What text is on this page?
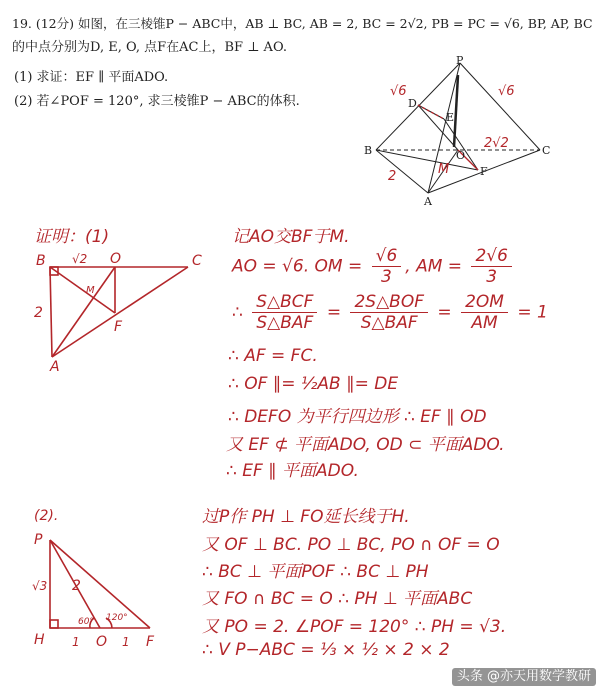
19. (12分) 如图，在三棱锥P − ABC中，AB ⊥ BC, AB = 2, BC = 2√2, PB = PC = √6, BP, AP, BC
的中点分别为D, E, O, 点F在AC上，BF ⊥ AO.
(1) 求证：EF ∥ 平面ADO.
(2) 若∠POF = 120°, 求三棱锥P − ABC的体积.
P
B	C
A
D
E
O
F
√6	√6
2
2√2
M
证明：(1)
B	C
O
A
F
M
√2
2
记AO交BF于M.
AO = √6. OM = $\frac{√6}{3}$ , AM = $\frac{2√6}{3}$
∴ $\frac{\text{S△BCF}}{\text{S△BAF}} = \frac{\text{2S△BOF}}{\text{S△BAF}} = \frac{2OM}{AM} = 1$
∴ AF = FC.
∴ OF ∥= ½AB ∥= DE
∴ DEFO 为平行四边形 ∴ EF ∥ OD
又 EF ⊄ 平面ADO, OD ⊂ 平面ADO.
∴ EF ∥ 平面ADO.
(2).
P
H	O	F
√3 2
60° 120°
1	1
过P作 PH ⊥ FO延长线于H.
又 OF ⊥ BC. PO ⊥ BC, PO ∩ OF = O
∴ BC ⊥ 平面POF ∴ BC ⊥ PH
又 FO ∩ BC = O ∴ PH ⊥ 平面ABC
又 PO = 2. ∠POF = 120° ∴ PH = √3.
∴ V P−ABC = ⅓ × ½ × 2 × 2
头条 @亦天用数学教研
